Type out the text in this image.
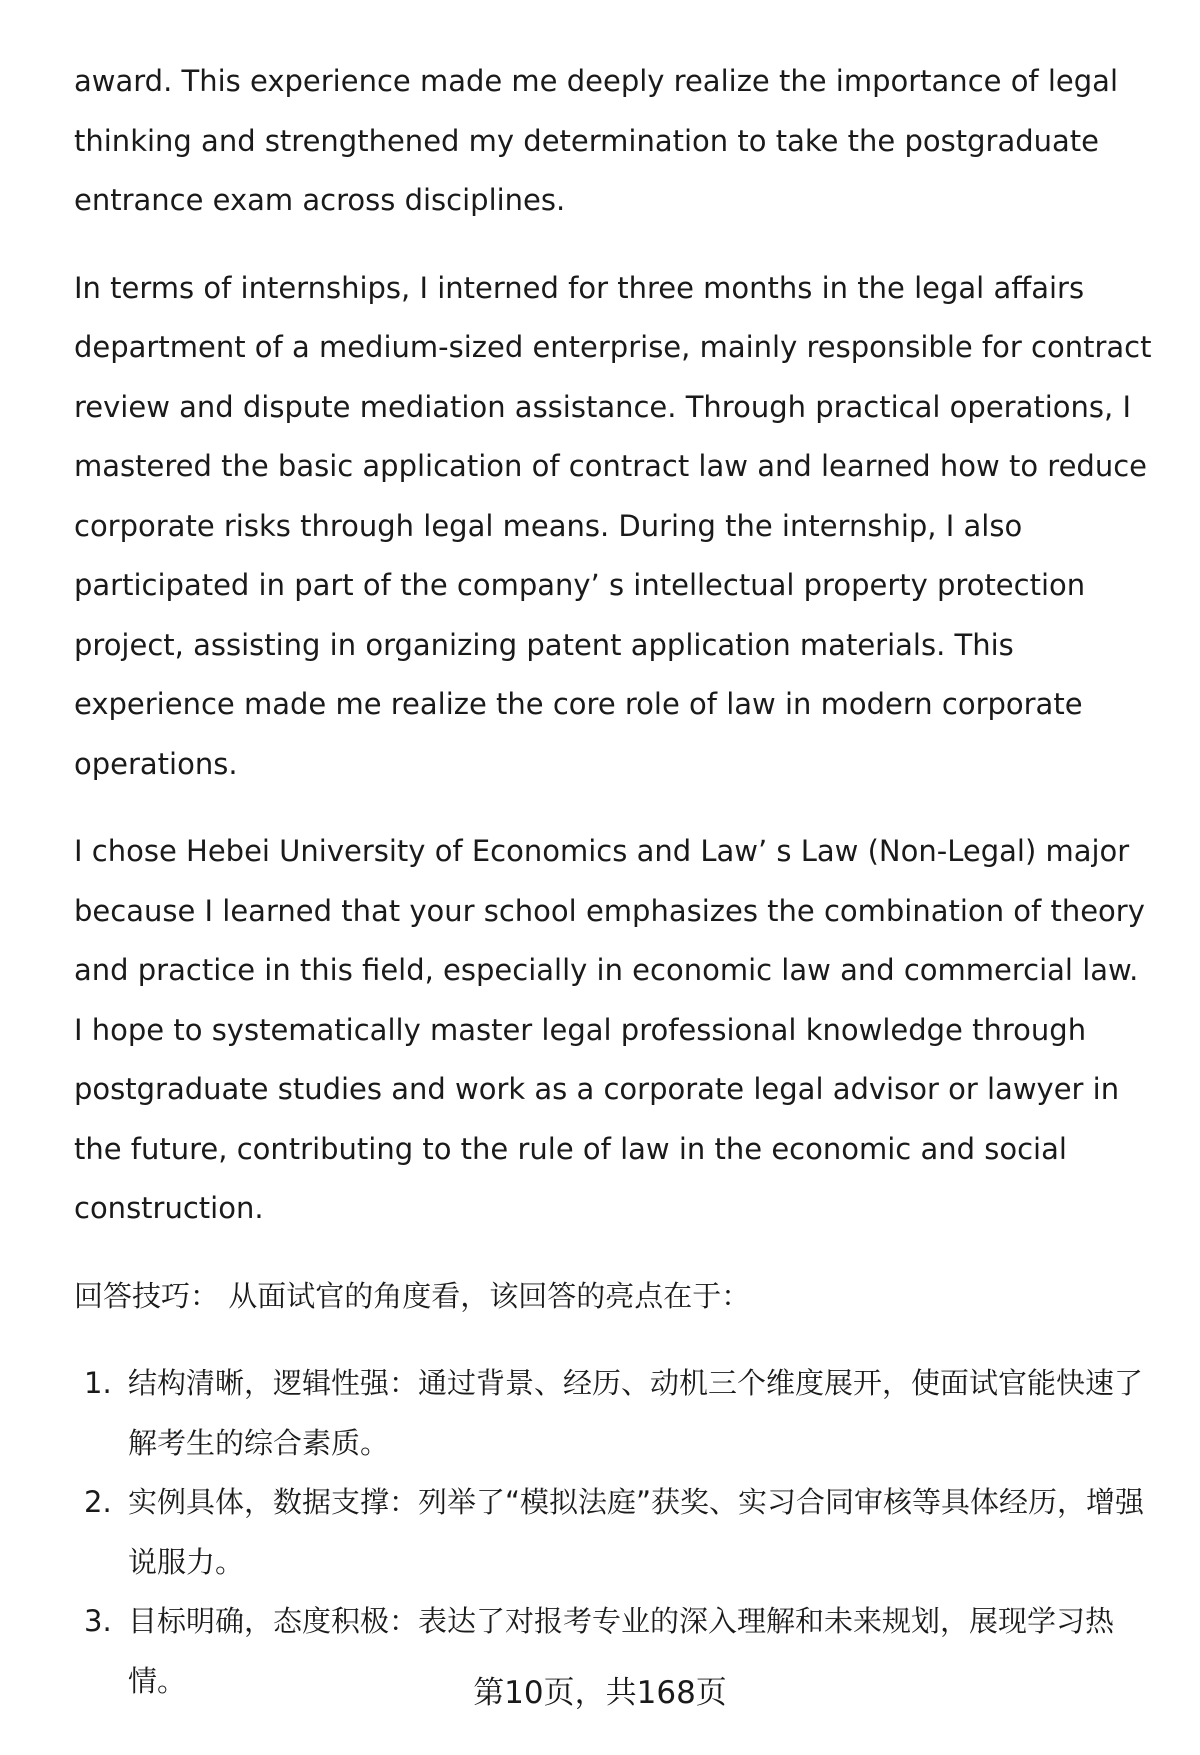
award. This experience made me deeply realize the importance of legal thinking and strengthened my determination to take the postgraduate entrance exam across disciplines.

In terms of internships, I interned for three months in the legal affairs department of a medium-sized enterprise, mainly responsible for contract review and dispute mediation assistance. Through practical operations, I mastered the basic application of contract law and learned how to reduce corporate risks through legal means. During the internship, I also participated in part of the company’ s intellectual property protection project, assisting in organizing patent application materials. This experience made me realize the core role of law in modern corporate operations.

I chose Hebei University of Economics and Law’ s Law (Non-Legal) major because I learned that your school emphasizes the combination of theory and practice in this field, especially in economic law and commercial law. I hope to systematically master legal professional knowledge through postgraduate studies and work as a corporate legal advisor or lawyer in the future, contributing to the rule of law in the economic and social construction.

回答技巧： 从面试官的角度看，该回答的亮点在于：

1. 结构清晰，逻辑性强：通过背景、经历、动机三个维度展开，使面试官能快速了解考生的综合素质。
2. 实例具体，数据支撑：列举了“模拟法庭”获奖、实习合同审核等具体经历，增强说服力。
3. 目标明确，态度积极：表达了对报考专业的深入理解和未来规划，展现学习热情。	第10页，共168页
